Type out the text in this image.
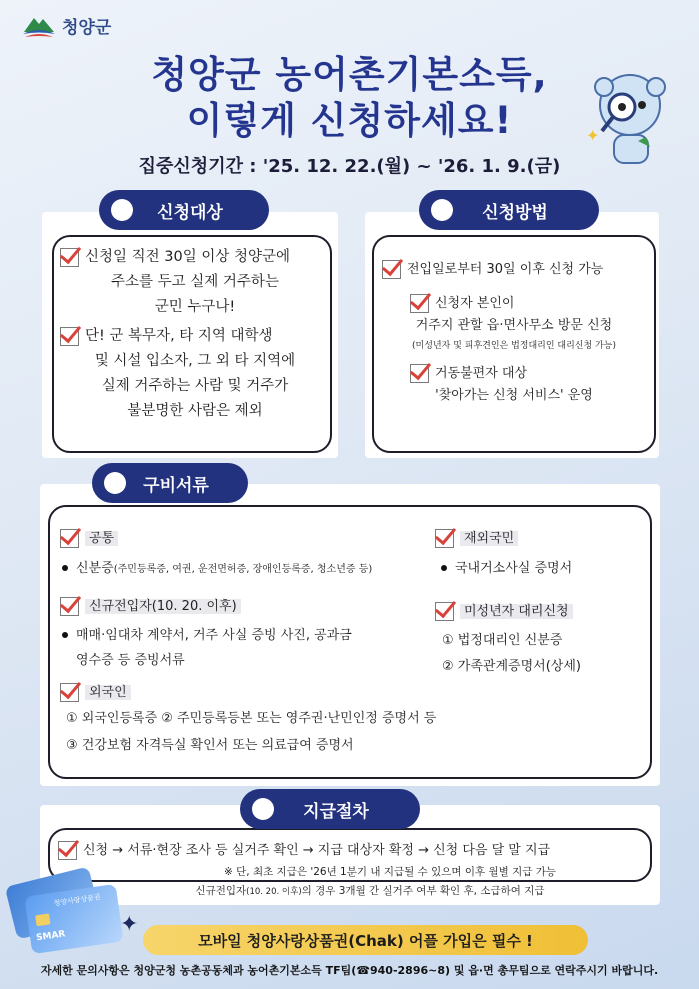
청양군
청양군 농어촌기본소득,
이렇게 신청하세요!	✦
집중신청기간 : '25. 12. 22.(월) ~ '26. 1. 9.(금)
신청일 직전 30일 이상 청양군에
주소를 두고 실제 거주하는
군민 누구나!
단! 군 복무자, 타 지역 대학생
및 시설 입소자, 그 외 타 지역에
실제 거주하는 사람 및 거주가
불분명한 사람은 제외
신청대상
전입일로부터 30일 이후 신청 가능
신청자 본인이
거주지 관할 읍·면사무소 방문 신청
(미성년자 및 피후견인은 법정대리인 대리신청 가능)
거동불편자 대상
'찾아가는 신청 서비스' 운영
신청방법
구비서류
공통
신분증(주민등록증, 여권, 운전면허증, 장애인등록증, 청소년증 등)
신규전입자(10. 20. 이후)
매매·임대차 계약서, 거주 사실 증빙 사진, 공과금
영수증 등 증빙서류
외국인
① 외국인등록증 ② 주민등록등본 또는 영주권·난민인정 증명서 등
③ 건강보험 자격득실 확인서 또는 의료급여 증명서
재외국민
국내거소사실 증명서
미성년자 대리신청
① 법정대리인 신분증
② 가족관계증명서(상세)
신청 → 서류·현장 조사 등 실거주 확인 → 지급 대상자 확정 → 신청 다음 달 말 지급
지급절차
※ 단, 최초 지급은 '26년 1분기 내 지급될 수 있으며 이후 월별 지급 가능
신규전입자(10. 20. 이후)의 경우 3개월 간 실거주 여부 확인 후, 소급하여 지급
청양사랑상품권
SMAR ✦
모바일 청양사랑상품권(Chak) 어플 가입은 필수 !
자세한 문의사항은 청양군청 농촌공동체과 농어촌기본소득 TF팀(☎940-2896~8) 및 읍·면 총무팀으로 연락주시기 바랍니다.
